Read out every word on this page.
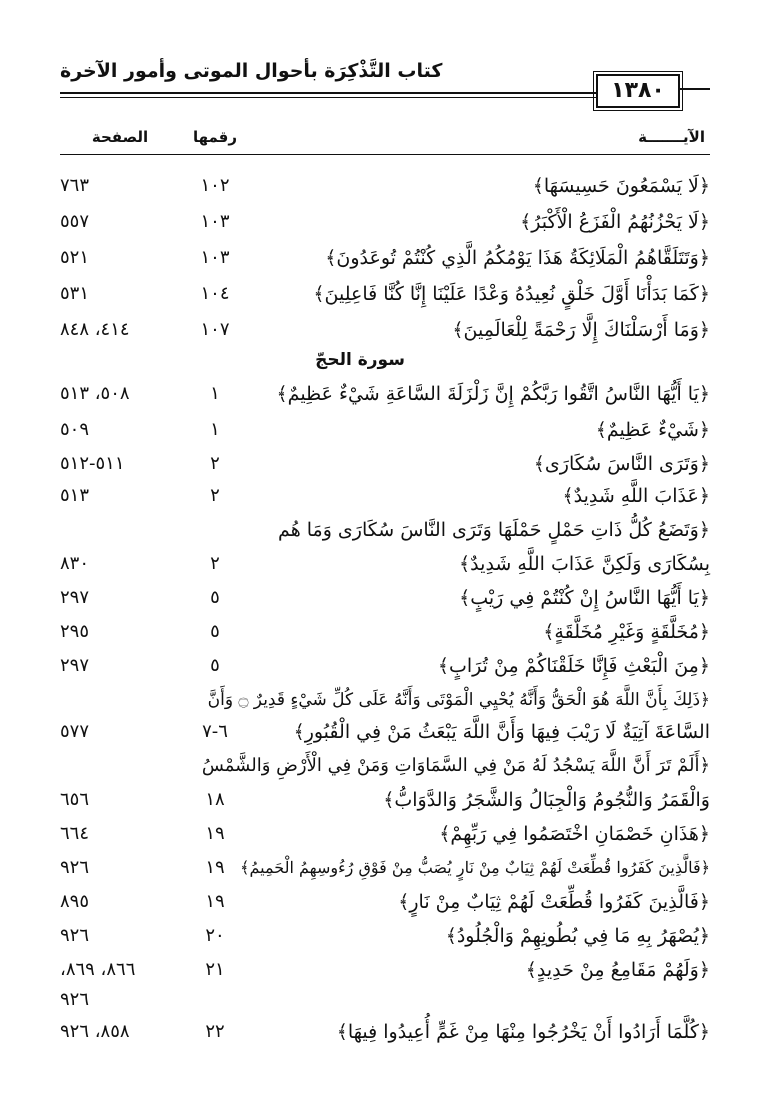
كتاب التَّذْكِرَة بأحوال الموتى وأمور الآخرة
١٣٨٠
الآيـــــــة
رقمها
الصفحة
﴿لَا يَسْمَعُونَ حَسِيسَهَا﴾
١٠٢
٧٦٣
﴿لَا يَحْزُنُهُمُ الْفَزَعُ الْأَكْبَرُ﴾
١٠٣
٥٥٧
﴿وَتَتَلَقَّاهُمُ الْمَلَائِكَةُ هَذَا يَوْمُكُمُ الَّذِي كُنْتُمْ تُوعَدُونَ﴾
١٠٣
٥٢١
﴿كَمَا بَدَأْنَا أَوَّلَ خَلْقٍ نُعِيدُهُ وَعْدًا عَلَيْنَا إِنَّا كُنَّا فَاعِلِينَ﴾
١٠٤
٥٣١
﴿وَمَا أَرْسَلْنَاكَ إِلَّا رَحْمَةً لِلْعَالَمِينَ﴾
١٠٧
٤١٤، ٨٤٨
سورة الحجّ
﴿يَا أَيُّهَا النَّاسُ اتَّقُوا رَبَّكُمْ إِنَّ زَلْزَلَةَ السَّاعَةِ شَيْءٌ عَظِيمٌ﴾
١
٥٠٨، ٥١٣
﴿شَيْءٌ عَظِيمٌ﴾
١
٥٠٩
﴿وَتَرَى النَّاسَ سُكَارَى﴾
٢
٥١١-٥١٢
﴿عَذَابَ اللَّهِ شَدِيدٌ﴾
٢
٥١٣
﴿وَتَضَعُ كُلُّ ذَاتِ حَمْلٍ حَمْلَهَا وَتَرَى النَّاسَ سُكَارَى وَمَا هُم
بِسُكَارَى وَلَكِنَّ عَذَابَ اللَّهِ شَدِيدٌ﴾
٢
٨٣٠
﴿يَا أَيُّهَا النَّاسُ إِنْ كُنْتُمْ فِي رَيْبٍ﴾
٥
٢٩٧
﴿مُخَلَّقَةٍ وَغَيْرِ مُخَلَّقَةٍ﴾
٥
٢٩٥
﴿مِنَ الْبَعْثِ فَإِنَّا خَلَقْنَاكُمْ مِنْ تُرَابٍ﴾
٥
٢٩٧
﴿ذَلِكَ بِأَنَّ اللَّهَ هُوَ الْحَقُّ وَأَنَّهُ يُحْيِي الْمَوْتَى وَأَنَّهُ عَلَى كُلِّ شَيْءٍ قَدِيرٌ ۝ وَأَنَّ
السَّاعَةَ آتِيَةٌ لَا رَيْبَ فِيهَا وَأَنَّ اللَّهَ يَبْعَثُ مَنْ فِي الْقُبُورِ﴾
٦-٧
٥٧٧
﴿أَلَمْ تَرَ أَنَّ اللَّهَ يَسْجُدُ لَهُ مَنْ فِي السَّمَاوَاتِ وَمَنْ فِي الْأَرْضِ وَالشَّمْسُ
وَالْقَمَرُ وَالنُّجُومُ وَالْجِبَالُ وَالشَّجَرُ وَالدَّوَابُّ﴾
١٨
٦٥٦
﴿هَذَانِ خَصْمَانِ اخْتَصَمُوا فِي رَبِّهِمْ﴾
١٩
٦٦٤
﴿فَالَّذِينَ كَفَرُوا قُطِّعَتْ لَهُمْ ثِيَابٌ مِنْ نَارٍ يُصَبُّ مِنْ فَوْقِ رُءُوسِهِمُ الْحَمِيمُ﴾
١٩
٩٢٦
﴿فَالَّذِينَ كَفَرُوا قُطِّعَتْ لَهُمْ ثِيَابٌ مِنْ نَارٍ﴾
١٩
٨٩٥
﴿يُصْهَرُ بِهِ مَا فِي بُطُونِهِمْ وَالْجُلُودُ﴾
٢٠
٩٢٦
﴿وَلَهُمْ مَقَامِعُ مِنْ حَدِيدٍ﴾
٢١
٨٦٦، ٨٦٩،
٩٢٦
﴿كُلَّمَا أَرَادُوا أَنْ يَخْرُجُوا مِنْهَا مِنْ غَمٍّ أُعِيدُوا فِيهَا﴾
٢٢
٨٥٨، ٩٢٦
